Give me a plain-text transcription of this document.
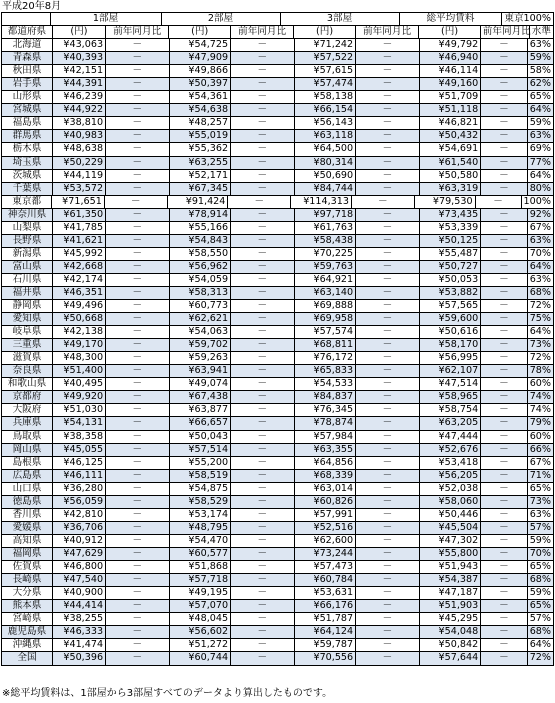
平成20年8月
1部屋	2部屋	3部屋	総平均賃料	東京100%
都道府県	(円)	前年同月比	(円)	前年同月比	(円)	前年同月比	(円)	前年同月比 水準
北海道	¥43,063	－	¥54,725	－	¥71,242	－	¥49,792	－	63%
青森県	¥40,393	－	¥47,909	－	¥57,522	－	¥46,940	－	59%
秋田県	¥42,151	－	¥49,866	－	¥57,615	－	¥46,114	－	58%
岩手県	¥44,391	－	¥50,397	－	¥57,474	－	¥49,160	－	62%
山形県	¥46,239	－	¥54,361	－	¥58,138	－	¥51,709	－	65%
宮城県	¥44,922	－	¥54,638	－	¥66,154	－	¥51,118	－	64%
福島県	¥38,810	－	¥48,257	－	¥56,143	－	¥46,821	－	59%
群馬県	¥40,983	－	¥55,019	－	¥63,118	－	¥50,432	－	63%
栃木県	¥48,638	－	¥55,362	－	¥64,500	－	¥54,691	－	69%
埼玉県	¥50,229	－	¥63,255	－	¥80,314	－	¥61,540	－	77%
茨城県	¥44,119	－	¥52,171	－	¥50,690	－	¥50,580	－	64%
千葉県	¥53,572	－	¥67,345	－	¥84,744	－	¥63,319	－	80%
東京都	¥71,651	－	¥91,424	－	¥114,313	－	¥79,530	－	100%
神奈川県	¥61,350	－	¥78,914	－	¥97,718	－	¥73,435	－	92%
山梨県	¥41,785	－	¥55,166	－	¥61,763	－	¥53,339	－	67%
長野県	¥41,621	－	¥54,843	－	¥58,438	－	¥50,125	－	63%
新潟県	¥45,992	－	¥58,550	－	¥70,225	－	¥55,487	－	70%
富山県	¥42,668	－	¥56,962	－	¥59,763	－	¥50,727	－	64%
石川県	¥42,174	－	¥54,059	－	¥64,921	－	¥50,053	－	63%
福井県	¥46,351	－	¥58,313	－	¥63,140	－	¥53,882	－	68%
静岡県	¥49,496	－	¥60,773	－	¥69,888	－	¥57,565	－	72%
愛知県	¥50,668	－	¥62,621	－	¥69,958	－	¥59,600	－	75%
岐阜県	¥42,138	－	¥54,063	－	¥57,574	－	¥50,616	－	64%
三重県	¥49,170	－	¥59,702	－	¥68,811	－	¥58,170	－	73%
滋賀県	¥48,300	－	¥59,263	－	¥76,172	－	¥56,995	－	72%
奈良県	¥51,400	－	¥63,941	－	¥65,833	－	¥62,107	－	78%
和歌山県	¥40,495	－	¥49,074	－	¥54,533	－	¥47,514	－	60%
京都府	¥49,920	－	¥67,438	－	¥84,837	－	¥58,965	－	74%
大阪府	¥51,030	－	¥63,877	－	¥76,345	－	¥58,754	－	74%
兵庫県	¥54,131	－	¥66,657	－	¥78,874	－	¥63,205	－	79%
鳥取県	¥38,358	－	¥50,043	－	¥57,984	－	¥47,444	－	60%
岡山県	¥45,055	－	¥57,514	－	¥63,355	－	¥52,676	－	66%
島根県	¥46,125	－	¥55,200	－	¥64,856	－	¥53,418	－	67%
広島県	¥46,111	－	¥58,519	－	¥68,339	－	¥56,205	－	71%
山口県	¥36,280	－	¥54,875	－	¥63,014	－	¥52,038	－	65%
徳島県	¥56,059	－	¥58,529	－	¥60,826	－	¥58,060	－	73%
香川県	¥42,810	－	¥53,174	－	¥57,991	－	¥50,446	－	63%
愛媛県	¥36,706	－	¥48,795	－	¥52,516	－	¥45,504	－	57%
高知県	¥40,912	－	¥54,470	－	¥62,600	－	¥47,302	－	59%
福岡県	¥47,629	－	¥60,577	－	¥73,244	－	¥55,800	－	70%
佐賀県	¥46,800	－	¥51,868	－	¥57,473	－	¥51,943	－	65%
長崎県	¥47,540	－	¥57,718	－	¥60,784	－	¥54,387	－	68%
大分県	¥40,900	－	¥49,195	－	¥53,631	－	¥47,187	－	59%
熊本県	¥44,414	－	¥57,070	－	¥66,176	－	¥51,903	－	65%
宮崎県	¥38,255	－	¥48,045	－	¥51,787	－	¥45,295	－	57%
鹿児島県	¥46,333	－	¥56,602	－	¥64,124	－	¥54,048	－	68%
沖縄県	¥41,474	－	¥51,272	－	¥59,787	－	¥50,842	－	64%
全国	¥50,396	－	¥60,744	－	¥70,556	－	¥57,644	－	72%
※総平均賃料は、1部屋から3部屋すべてのデータより算出したものです。
